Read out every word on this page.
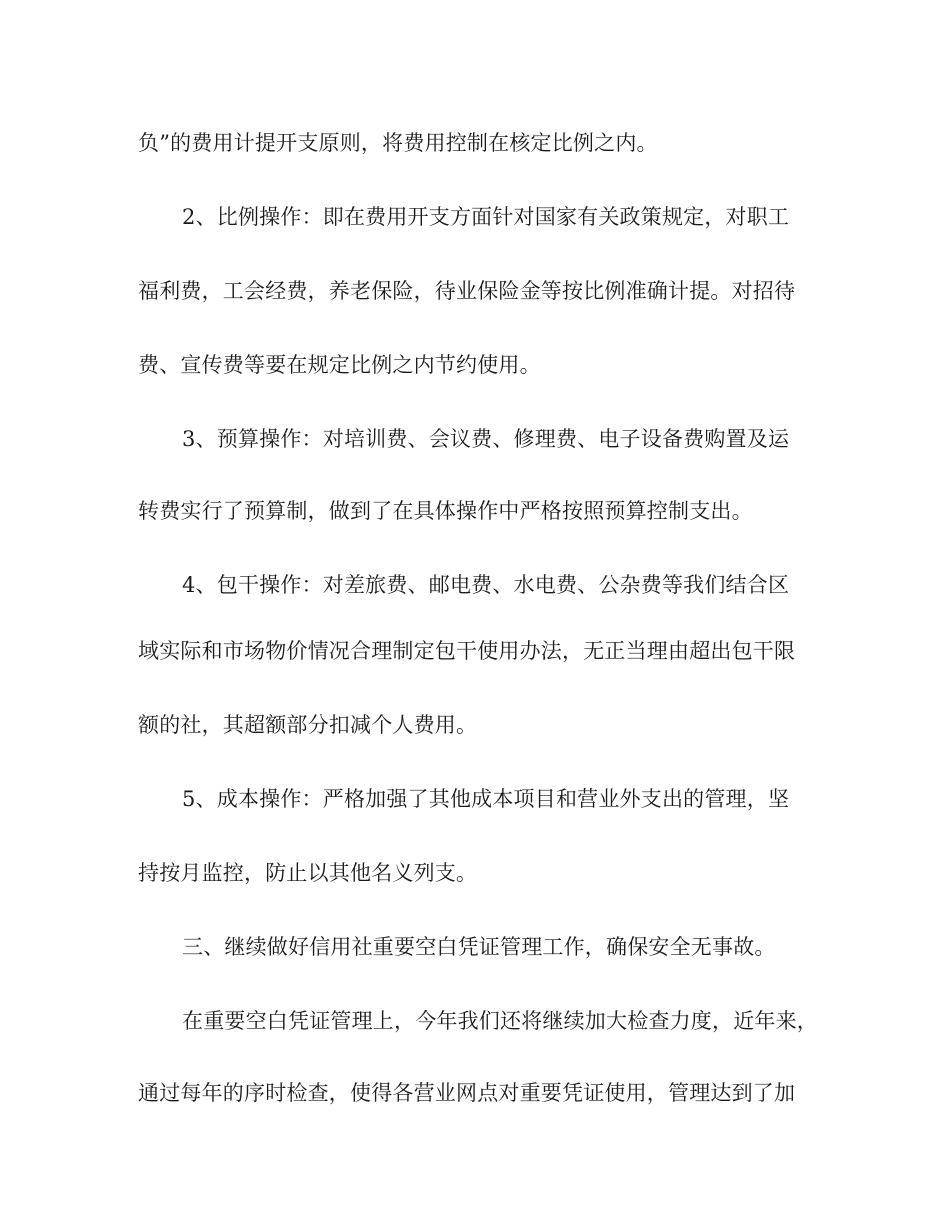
负”的费用计提开支原则，将费用控制在核定比例之内。
2、比例操作：即在费用开支方面针对国家有关政策规定，对职工
福利费，工会经费，养老保险，待业保险金等按比例准确计提。对招待
费、宣传费等要在规定比例之内节约使用。
3、预算操作：对培训费、会议费、修理费、电子设备费购置及运
转费实行了预算制，做到了在具体操作中严格按照预算控制支出。
4、包干操作：对差旅费、邮电费、水电费、公杂费等我们结合区
域实际和市场物价情况合理制定包干使用办法，无正当理由超出包干限
额的社，其超额部分扣减个人费用。
5、成本操作：严格加强了其他成本项目和营业外支出的管理，坚
持按月监控，防止以其他名义列支。
三、继续做好信用社重要空白凭证管理工作，确保安全无事故。
在重要空白凭证管理上，今年我们还将继续加大检查力度，近年来，
通过每年的序时检查，使得各营业网点对重要凭证使用，管理达到了加
